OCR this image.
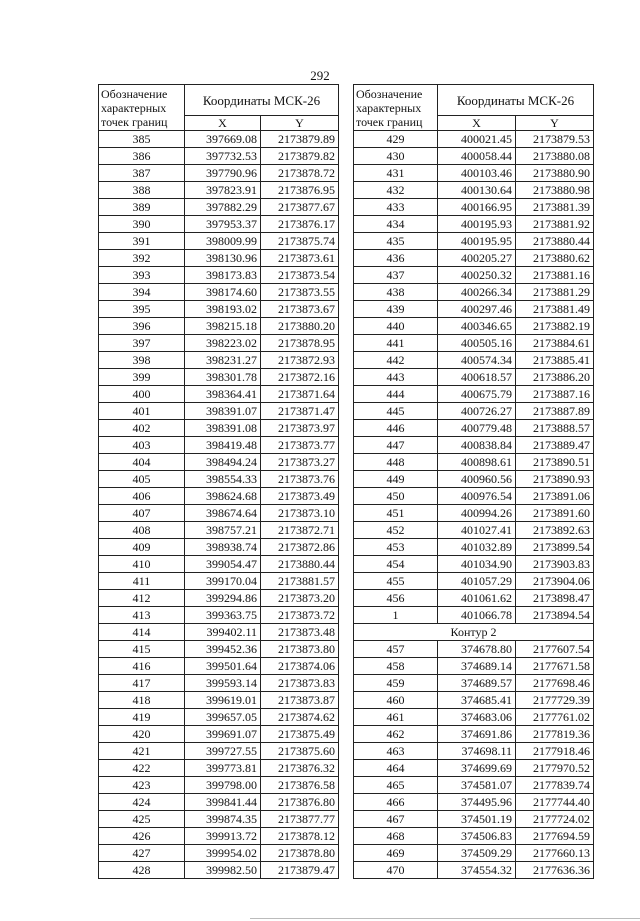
292
Обозначение характерных точек границ	Координаты МСК-26	
	X	Y
385	397669.08	2173879.89
386	397732.53	2173879.82
387	397790.96	2173878.72
388	397823.91	2173876.95
389	397882.29	2173877.67
390	397953.37	2173876.17
391	398009.99	2173875.74
392	398130.96	2173873.61
393	398173.83	2173873.54
394	398174.60	2173873.55
395	398193.02	2173873.67
396	398215.18	2173880.20
397	398223.02	2173878.95
398	398231.27	2173872.93
399	398301.78	2173872.16
400	398364.41	2173871.64
401	398391.07	2173871.47
402	398391.08	2173873.97
403	398419.48	2173873.77
404	398494.24	2173873.27
405	398554.33	2173873.76
406	398624.68	2173873.49
407	398674.64	2173873.10
408	398757.21	2173872.71
409	398938.74	2173872.86
410	399054.47	2173880.44
411	399170.04	2173881.57
412	399294.86	2173873.20
413	399363.75	2173873.72
414	399402.11	2173873.48
415	399452.36	2173873.80
416	399501.64	2173874.06
417	399593.14	2173873.83
418	399619.01	2173873.87
419	399657.05	2173874.62
420	399691.07	2173875.49
421	399727.55	2173875.60
422	399773.81	2173876.32
423	399798.00	2173876.58
424	399841.44	2173876.80
425	399874.35	2173877.77
426	399913.72	2173878.12
427	399954.02	2173878.80
428	399982.50	2173879.47
Обозначение характерных точек границ	Координаты МСК-26	
	X	Y
429	400021.45	2173879.53
430	400058.44	2173880.08
431	400103.46	2173880.90
432	400130.64	2173880.98
433	400166.95	2173881.39
434	400195.93	2173881.92
435	400195.95	2173880.44
436	400205.27	2173880.62
437	400250.32	2173881.16
438	400266.34	2173881.29
439	400297.46	2173881.49
440	400346.65	2173882.19
441	400505.16	2173884.61
442	400574.34	2173885.41
443	400618.57	2173886.20
444	400675.79	2173887.16
445	400726.27	2173887.89
446	400779.48	2173888.57
447	400838.84	2173889.47
448	400898.61	2173890.51
449	400960.56	2173890.93
450	400976.54	2173891.06
451	400994.26	2173891.60
452	401027.41	2173892.63
453	401032.89	2173899.54
454	401034.90	2173903.83
455	401057.29	2173904.06
456	401061.62	2173898.47
1	401066.78	2173894.54
Контур 2		
457	374678.80	2177607.54
458	374689.14	2177671.58
459	374689.57	2177698.46
460	374685.41	2177729.39
461	374683.06	2177761.02
462	374691.86	2177819.36
463	374698.11	2177918.46
464	374699.69	2177970.52
465	374581.07	2177839.74
466	374495.96	2177744.40
467	374501.19	2177724.02
468	374506.83	2177694.59
469	374509.29	2177660.13
470	374554.32	2177636.36
